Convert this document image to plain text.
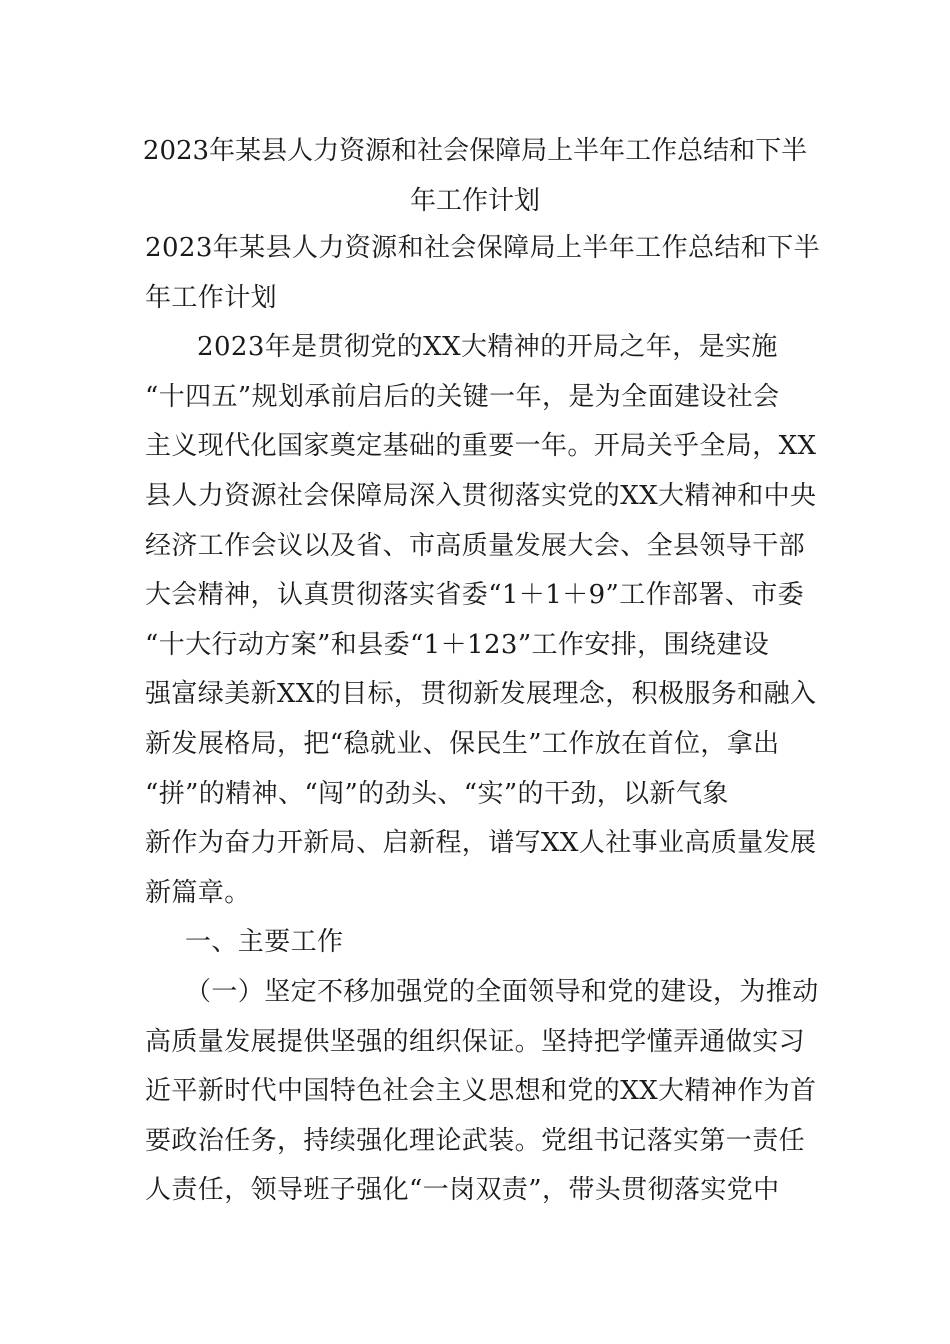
2023年某县人力资源和社会保障局上半年工作总结和下半
年工作计划
2023年某县人力资源和社会保障局上半年工作总结和下半
年工作计划
2023年是贯彻党的XX大精神的开局之年，是实施
“十四五”规划承前启后的关键一年，是为全面建设社会
主义现代化国家奠定基础的重要一年。开局关乎全局，XX
县人力资源社会保障局深入贯彻落实党的XX大精神和中央
经济工作会议以及省、市高质量发展大会、全县领导干部
大会精神，认真贯彻落实省委“1＋1＋9”工作部署、市委
“十大行动方案”和县委“1＋123”工作安排，围绕建设
强富绿美新XX的目标，贯彻新发展理念，积极服务和融入
新发展格局，把“稳就业、保民生”工作放在首位，拿出
“拼”的精神、“闯”的劲头、“实”的干劲，以新气象
新作为奋力开新局、启新程，谱写XX人社事业高质量发展
新篇章。
一、主要工作
（一）坚定不移加强党的全面领导和党的建设，为推动
高质量发展提供坚强的组织保证。坚持把学懂弄通做实习
近平新时代中国特色社会主义思想和党的XX大精神作为首
要政治任务，持续强化理论武装。党组书记落实第一责任
人责任，领导班子强化“一岗双责”，带头贯彻落实党中
